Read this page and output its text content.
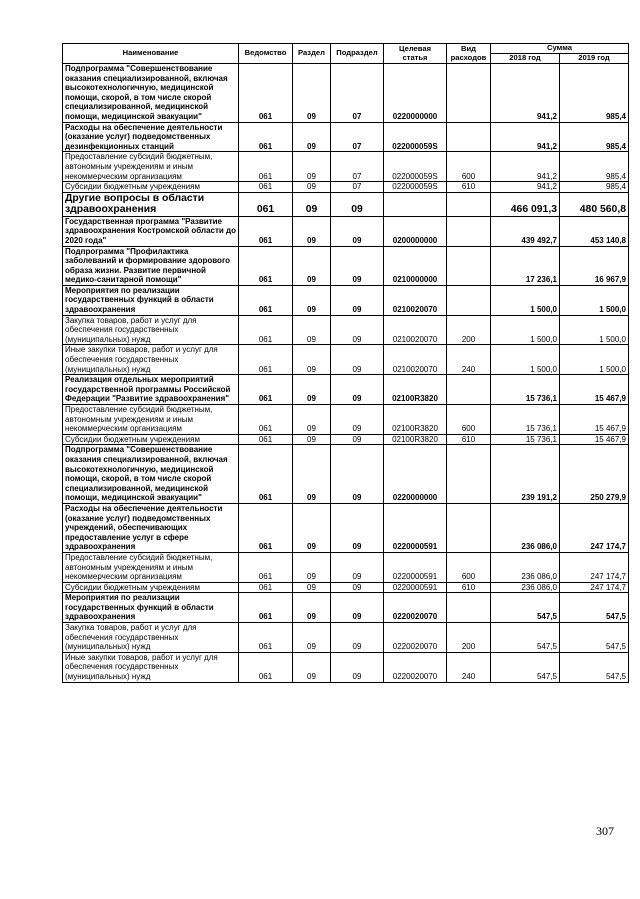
Наименование	Ведомство	Раздел	Подраздел	Целевая статья	Вид расходов	Сумма	
						2018 год	2019 год
Подпрограмма "Совершенствование оказания специализированной, включая высокотехнологичную, медицинской помощи, скорой, в том числе скорой специализированной, медицинской помощи, медицинской эвакуации"	061	09	07	0220000000		941,2	985,4
Расходы на обеспечение деятельности (оказание услуг) подведомственных дезинфекционных станций	061	09	07	022000059S		941,2	985,4
Предоставление субсидий бюджетным, автономным учреждениям и иным некоммерческим организациям	061	09	07	022000059S	600	941,2	985,4
Субсидии бюджетным учреждениям	061	09	07	022000059S	610	941,2	985,4
Другие вопросы в области здравоохранения	061	09	09			466 091,3	480 560,8
Государственная программа "Развитие здравоохранения Костромской области до 2020 года"	061	09	09	0200000000		439 492,7	453 140,8
Подпрограмма "Профилактика заболеваний и формирование здорового образа жизни. Развитие первичной медико-санитарной помощи"	061	09	09	0210000000		17 236,1	16 967,9
Мероприятия по реализации государственных функций в области здравоохранения	061	09	09	0210020070		1 500,0	1 500,0
Закупка товаров, работ и услуг для обеспечения государственных (муниципальных) нужд	061	09	09	0210020070	200	1 500,0	1 500,0
Иные закупки товаров, работ и услуг для обеспечения государственных (муниципальных) нужд	061	09	09	0210020070	240	1 500,0	1 500,0
Реализация отдельных мероприятий государственной программы Российской Федерации "Развитие здравоохранения"	061	09	09	02100R3820		15 736,1	15 467,9
Предоставление субсидий бюджетным, автономным учреждениям и иным некоммерческим организациям	061	09	09	02100R3820	600	15 736,1	15 467,9
Субсидии бюджетным учреждениям	061	09	09	02100R3820	610	15 736,1	15 467,9
Подпрограмма "Совершенствование оказания специализированной, включая высокотехнологичную, медицинской помощи, скорой, в том числе скорой специализированной, медицинской помощи, медицинской эвакуации"	061	09	09	0220000000		239 191,2	250 279,9
Расходы на обеспечение деятельности (оказание услуг) подведомственных учреждений, обеспечивающих предоставление услуг в сфере здравоохранения	061	09	09	0220000591		236 086,0	247 174,7
Предоставление субсидий бюджетным, автономным учреждениям и иным некоммерческим организациям	061	09	09	0220000591	600	236 086,0	247 174,7
Субсидии бюджетным учреждениям	061	09	09	0220000591	610	236 086,0	247 174,7
Мероприятия по реализации государственных функций в области здравоохранения	061	09	09	0220020070		547,5	547,5
Закупка товаров, работ и услуг для обеспечения государственных (муниципальных) нужд	061	09	09	0220020070	200	547,5	547,5
Иные закупки товаров, работ и услуг для обеспечения государственных (муниципальных) нужд	061	09	09	0220020070	240	547,5	547,5
307
